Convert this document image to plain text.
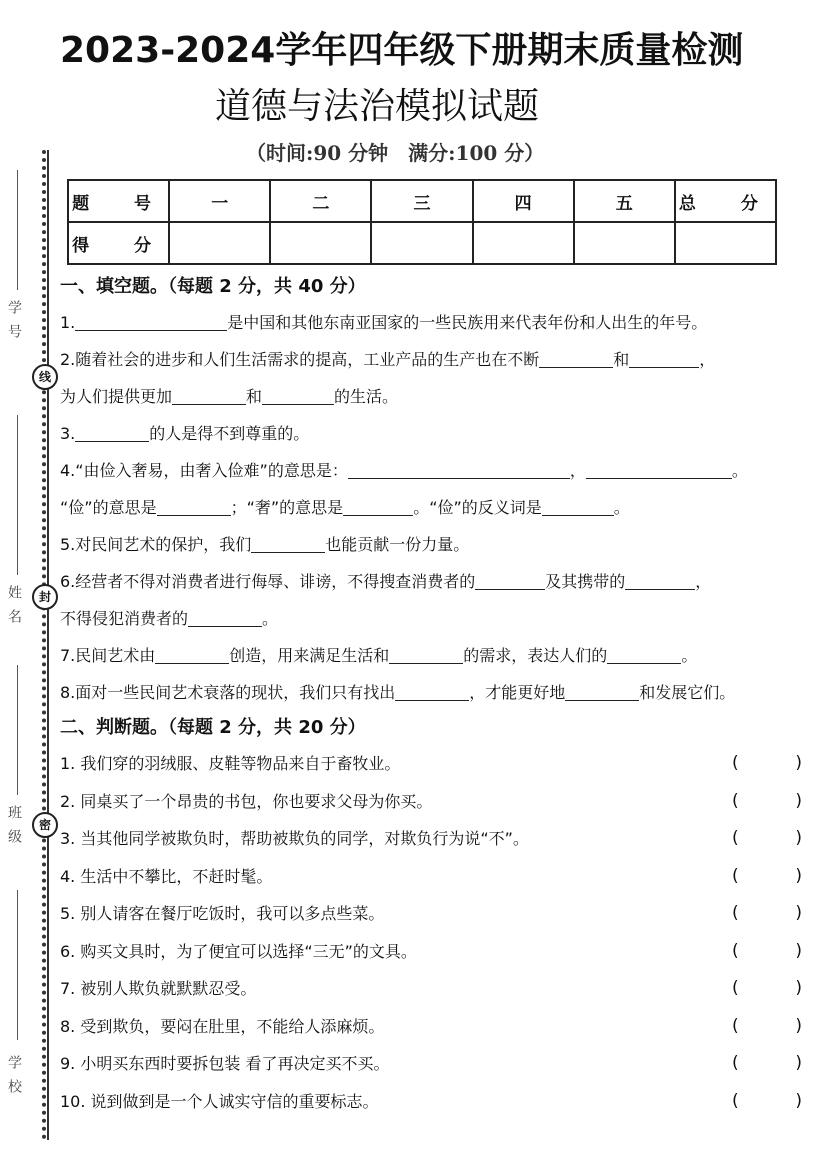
2023-2024学年四年级下册期末质量检测
道德与法治模拟试题
（时间:90 分钟　满分:100 分）
学号
姓名
班级
学校
线
封
密
题　号	一	二	三	四	五	总　分
得　分						
一、填空题。（每题 2 分，共 40 分）
1.	是中国和其他东南亚国家的一些民族用来代表年份和人出生的年号。
2.随着社会的进步和人们生活需求的提高，工业产品的生产也在不断	和	，
为人们提供更加	和	的生活。
3.	的人是得不到尊重的。
4.“由俭入奢易，由奢入俭难”的意思是：	，	。
“俭”的意思是	；“奢”的意思是	。“俭”的反义词是	。
5.对民间艺术的保护，我们	也能贡献一份力量。
6.经营者不得对消费者进行侮辱、诽谤，不得搜查消费者的	及其携带的	，
不得侵犯消费者的	。
7.民间艺术由	创造，用来满足生活和	的需求，表达人们的	。
8.面对一些民间艺术衰落的现状，我们只有找出	，才能更好地	和发展它们。
二、判断题。（每题 2 分，共 20 分）
1. 我们穿的羽绒服、皮鞋等物品来自于畜牧业。	(	)
2. 同桌买了一个昂贵的书包，你也要求父母为你买。	(	)
3. 当其他同学被欺负时，帮助被欺负的同学，对欺负行为说“不”。	(	)
4. 生活中不攀比，不赶时髦。	(	)
5. 别人请客在餐厅吃饭时，我可以多点些菜。	(	)
6. 购买文具时，为了便宜可以选择“三无”的文具。	(	)
7. 被别人欺负就默默忍受。	(	)
8. 受到欺负，要闷在肚里，不能给人添麻烦。	(	)
9. 小明买东西时要拆包装 看了再决定买不买。	(	)
10. 说到做到是一个人诚实守信的重要标志。	(	)
